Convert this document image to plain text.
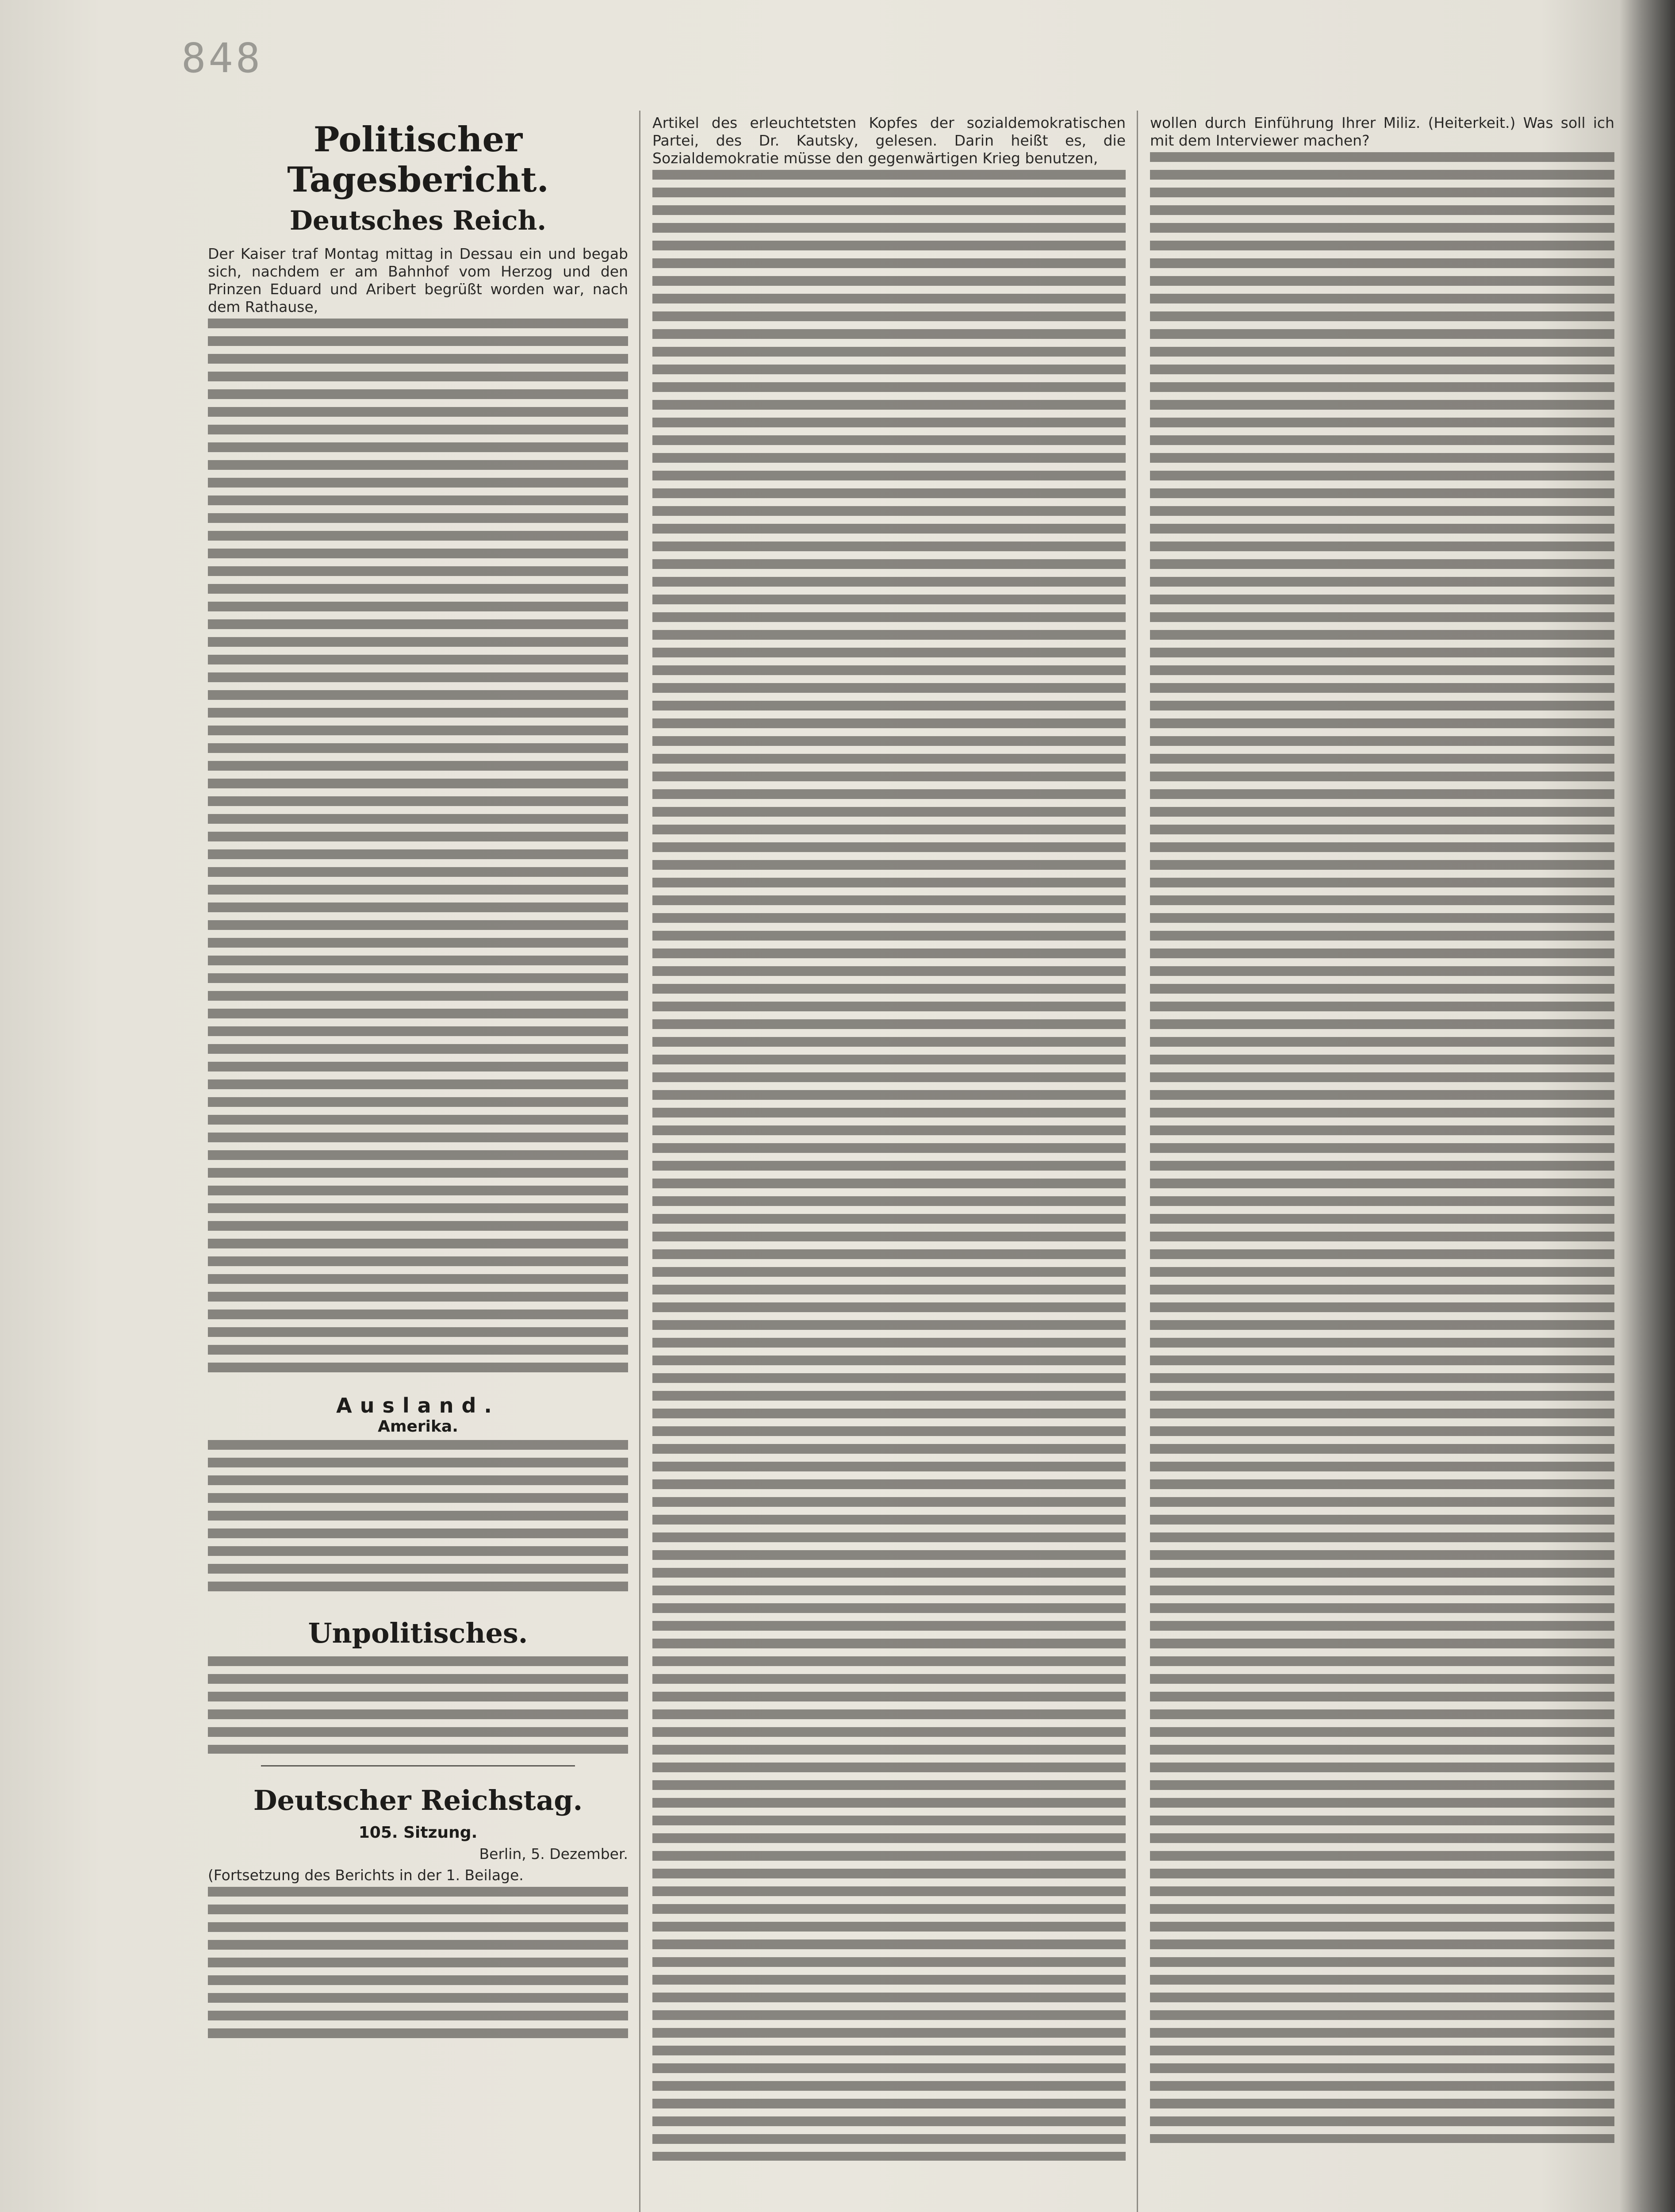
848

Politischer Tagesbericht.
Deutsches Reich.

Der Kaiser traf Montag mittag in Dessau ein und begab sich, nachdem er am Bahnhof vom Herzog und den Prinzen Eduard und Aribert begrüßt worden war, nach dem Rathause,

Ausland.
Amerika.
Unpolitisches.
Deutscher Reichstag.
105. Sitzung.

Berlin, 5. Dezember.

(Fortsetzung des Berichts in der 1. Beilage.

Artikel des erleuchtetsten Kopfes der sozialdemokratischen Partei, des Dr. Kautsky, gelesen. Darin heißt es, die Sozialdemokratie müsse den gegenwärtigen Krieg benutzen,

wollen durch Einführung Ihrer Miliz. (Heiterkeit.) Was soll ich mit dem Interviewer machen?
